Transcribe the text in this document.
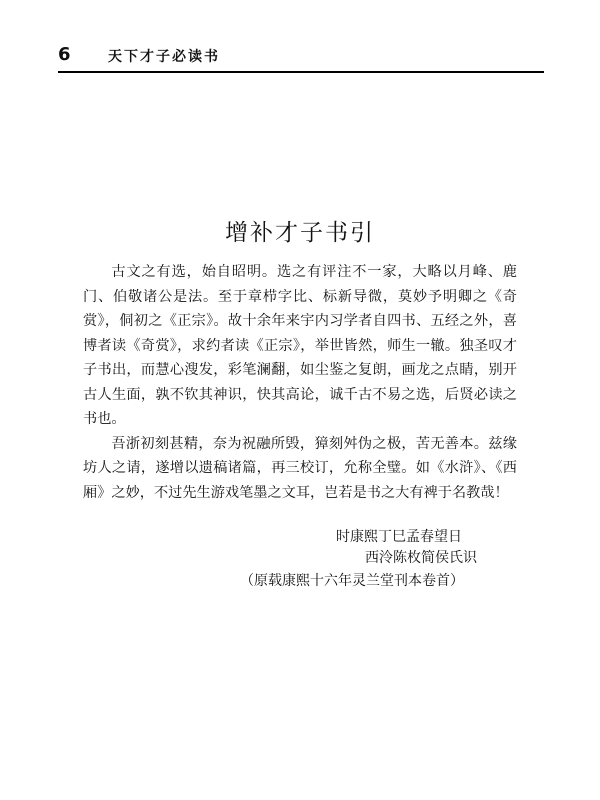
6	天下才子必读书
增补才子书引

古文之有选，始自昭明。选之有评注不一家，大略以月峰、鹿门、伯敬诸公是法。至于章栉字比、标新导微，莫妙予明卿之《奇赏》，侗初之《正宗》。故十余年来宇内习学者自四书、五经之外，喜博者读《奇赏》，求约者读《正宗》，举世皆然，师生一辙。独圣叹才子书出，而慧心溲发，彩笔澜翻，如尘鉴之复朗，画龙之点睛，别开古人生面，孰不钦其神识，快其高论，诚千古不易之选，后贤必读之书也。

吾浙初刻甚精，奈为祝融所毁，獐刻舛伪之极，苦无善本。兹缘坊人之请，遂增以遗稿诸篇，再三校订，允称全璧。如《水浒》、《西厢》之妙，不过先生游戏笔墨之文耳，岂若是书之大有裨于名教哉！

时康熙丁巳孟春望日
西泠陈枚简侯氏识
（原载康熙十六年灵兰堂刊本卷首）
